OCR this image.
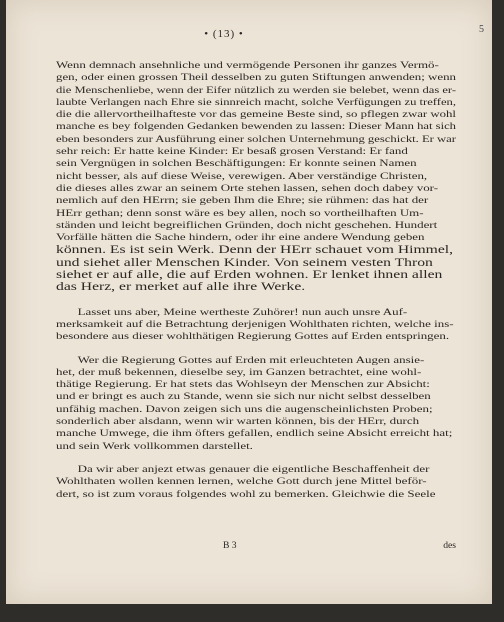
• (13) •	5
Wenn demnach ansehnliche und vermögende Personen ihr ganzes Vermö-
gen, oder einen grossen Theil desselben zu guten Stiftungen anwenden; wenn
die Menschenliebe, wenn der Eifer nützlich zu werden sie belebet, wenn das er-
laubte Verlangen nach Ehre sie sinnreich macht, solche Verfügungen zu treffen,
die die allervortheilhafteste vor das gemeine Beste sind, so pflegen zwar wohl
manche es bey folgenden Gedanken bewenden zu lassen: Dieser Mann hat sich
eben besonders zur Ausführung einer solchen Unternehmung geschickt. Er war
sehr reich: Er hatte keine Kinder: Er besaß grosen Verstand: Er fand
sein Vergnügen in solchen Beschäftigungen: Er konnte seinen Namen
nicht besser, als auf diese Weise, verewigen. Aber verständige Christen,
die dieses alles zwar an seinem Orte stehen lassen, sehen doch dabey vor-
nemlich auf den HErrn; sie geben Ihm die Ehre; sie rühmen: das hat der
HErr gethan; denn sonst wäre es bey allen, noch so vortheilhaften Um-
ständen und leicht begreiflichen Gründen, doch nicht geschehen. Hundert
Vorfälle hätten die Sache hindern, oder ihr eine andere Wendung geben
können. Es ist sein Werk. Denn der HErr schauet vom Himmel,
und siehet aller Menschen Kinder. Von seinem vesten Thron
siehet er auf alle, die auf Erden wohnen. Er lenket ihnen allen
das Herz, er merket auf alle ihre Werke.
Lasset uns aber, Meine wertheste Zuhörer! nun auch unsre Auf-
merksamkeit auf die Betrachtung derjenigen Wohlthaten richten, welche ins-
besondere aus dieser wohlthätigen Regierung Gottes auf Erden entspringen.
Wer die Regierung Gottes auf Erden mit erleuchteten Augen ansie-
het, der muß bekennen, dieselbe sey, im Ganzen betrachtet, eine wohl-
thätige Regierung. Er hat stets das Wohlseyn der Menschen zur Absicht:
und er bringt es auch zu Stande, wenn sie sich nur nicht selbst desselben
unfähig machen. Davon zeigen sich uns die augenscheinlichsten Proben;
sonderlich aber alsdann, wenn wir warten können, bis der HErr, durch
manche Umwege, die ihm öfters gefallen, endlich seine Absicht erreicht hat;
und sein Werk vollkommen darstellet.
Da wir aber anjezt etwas genauer die eigentliche Beschaffenheit der
Wohlthaten wollen kennen lernen, welche Gott durch jene Mittel beför-
dert, so ist zum voraus folgendes wohl zu bemerken. Gleichwie die Seele
B 3	des
